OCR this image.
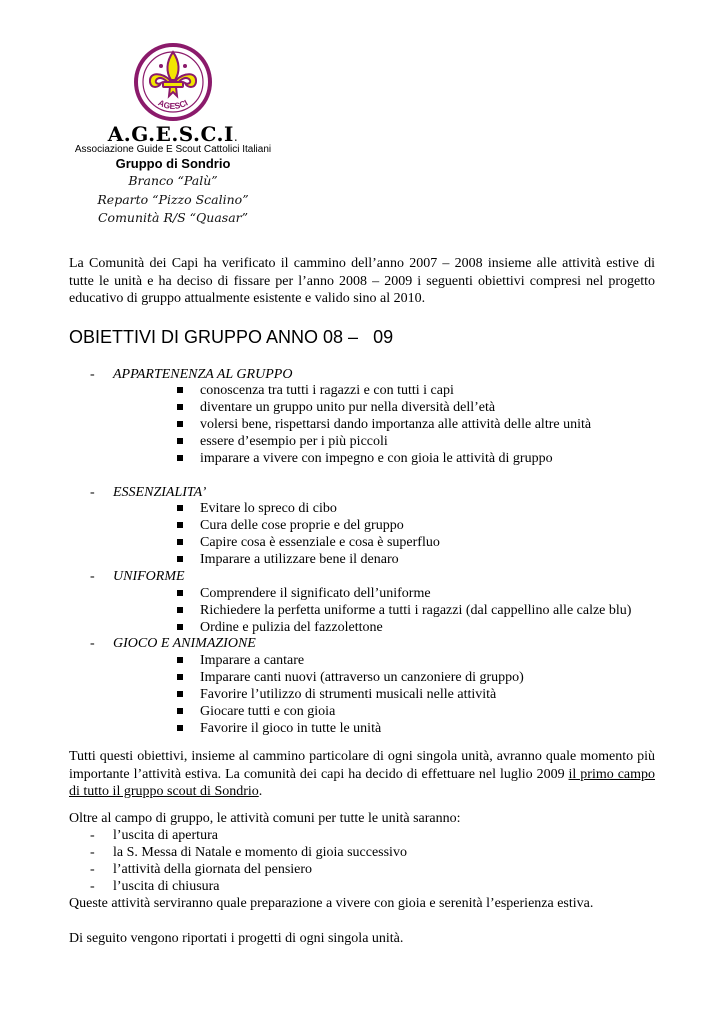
AGESCI
A.G.E.S.C.I.
Associazione Guide E Scout Cattolici Italiani
Gruppo di Sondrio
Branco “Palù”
Reparto “Pizzo Scalino”
Comunità R/S “Quasar”
La Comunità dei Capi ha verificato il cammino dell’anno 2007 – 2008 insieme alle attività estive di tutte le unità e ha deciso di fissare per l’anno 2008 – 2009 i seguenti obiettivi compresi nel progetto educativo di gruppo attualmente esistente e valido sino al 2010.
OBIETTIVI DI GRUPPO ANNO 08 –   09
- APPARTENENZA AL GRUPPO
conoscenza tra tutti i ragazzi e con tutti i capi
diventare un gruppo unito pur nella diversità dell’età
volersi bene, rispettarsi dando importanza alle attività delle altre unità
essere d’esempio per i più piccoli
imparare a vivere con impegno e con gioia le attività di gruppo
- ESSENZIALITA’
Evitare lo spreco di cibo
Cura delle cose proprie e del gruppo
Capire cosa è essenziale e cosa è superfluo
Imparare a utilizzare bene il denaro
- UNIFORME
Comprendere il significato dell’uniforme
Richiedere la perfetta uniforme a tutti i ragazzi (dal cappellino alle calze blu)
Ordine e pulizia del fazzolettone
- GIOCO E ANIMAZIONE
Imparare a cantare
Imparare canti nuovi (attraverso un canzoniere di gruppo)
Favorire l’utilizzo di strumenti musicali nelle attività
Giocare tutti e con gioia
Favorire il gioco in tutte le unità
Tutti questi obiettivi, insieme al cammino particolare di ogni singola unità, avranno quale momento più importante l’attività estiva. La comunità dei capi ha decido di effettuare nel luglio 2009 il primo campo di tutto il gruppo scout di Sondrio.
Oltre al campo di gruppo, le attività comuni per tutte le unità saranno:
- l’uscita di apertura
- la S. Messa di Natale e momento di gioia successivo
- l’attività della giornata del pensiero
- l’uscita di chiusura
Queste attività serviranno quale preparazione a vivere con gioia e serenità l’esperienza estiva.
Di seguito vengono riportati i progetti di ogni singola unità.
